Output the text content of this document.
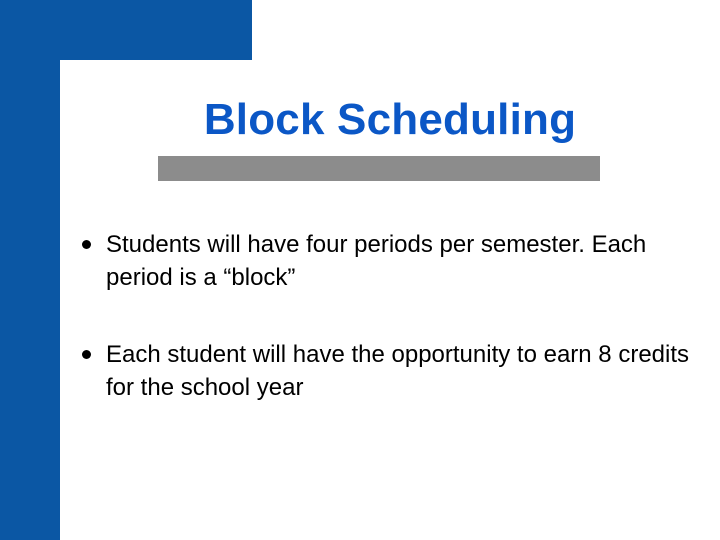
Block Scheduling
Students will have four periods per semester. Each period is a “block”
Each student will have the opportunity to earn 8 credits for the school year
